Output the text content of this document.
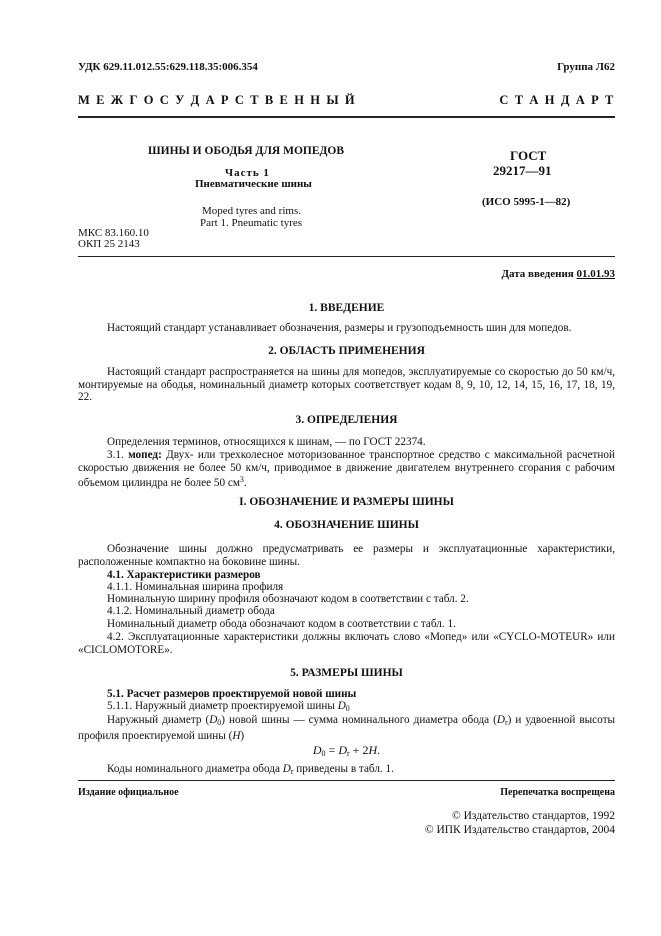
УДК 629.11.012.55:629.118.35:006.354	Группа Л62
М Е Ж Г О С У Д А Р С Т В Е Н Н Ы Й	С Т А Н Д А Р Т
ШИНЫ И ОБОДЬЯ ДЛЯ МОПЕДОВ
Часть 1
Пневматические шины
Moped tyres and rims.
Part 1. Pneumatic tyres
ГОСТ
29217—91
(ИСО 5995-1—82)
МКС 83.160.10
ОКП 25 2143
Дата введения 01.01.93
1. ВВЕДЕНИЕ
Настоящий стандарт устанавливает обозначения, размеры и грузоподъемность шин для мопедов.
2. ОБЛАСТЬ ПРИМЕНЕНИЯ
Настоящий стандарт распространяется на шины для мопедов, эксплуатируемые со скоростью до 50 км/ч, монтируемые на ободья, номинальный диаметр которых соответствует кодам 8, 9, 10, 12, 14, 15, 16, 17, 18, 19, 22.
3. ОПРЕДЕЛЕНИЯ
Определения терминов, относящихся к шинам, — по ГОСТ 22374.
3.1. мопед: Двух- или трехколесное моторизованное транспортное средство с максимальной расчетной скоростью движения не более 50 км/ч, приводимое в движение двигателем внутреннего сгорания с рабочим объемом цилиндра не более 50 $см^3$.
I. ОБОЗНАЧЕНИЕ И РАЗМЕРЫ ШИНЫ
4. ОБОЗНАЧЕНИЕ ШИНЫ
Обозначение шины должно предусматривать ее размеры и эксплуатационные характеристики, расположенные компактно на боковине шины.
4.1. Характеристики размеров
4.1.1. Номинальная ширина профиля
Номинальную ширину профиля обозначают кодом в соответствии с табл. 2.
4.1.2. Номинальный диаметр обода
Номинальный диаметр обода обозначают кодом в соответствии с табл. 1.
4.2. Эксплуатационные характеристики должны включать слово «Мопед» или «CYCLO-MOTEUR» или «CICLOMOTORE».
5. РАЗМЕРЫ ШИНЫ
5.1. Расчет размеров проектируемой новой шины
5.1.1. Наружный диаметр проектируемой шины $D_0$
Наружный диаметр $(D_0)$ новой шины — сумма номинального диаметра обода $(D_r)$ и удвоенной высоты профиля проектируемой шины (H)
$D_0 = D_r + 2H$.
Коды номинального диаметра обода $D_r$ приведены в табл. 1.
Издание официальное	Перепечатка воспрещена
© Издательство стандартов, 1992
© ИПК Издательство стандартов, 2004
